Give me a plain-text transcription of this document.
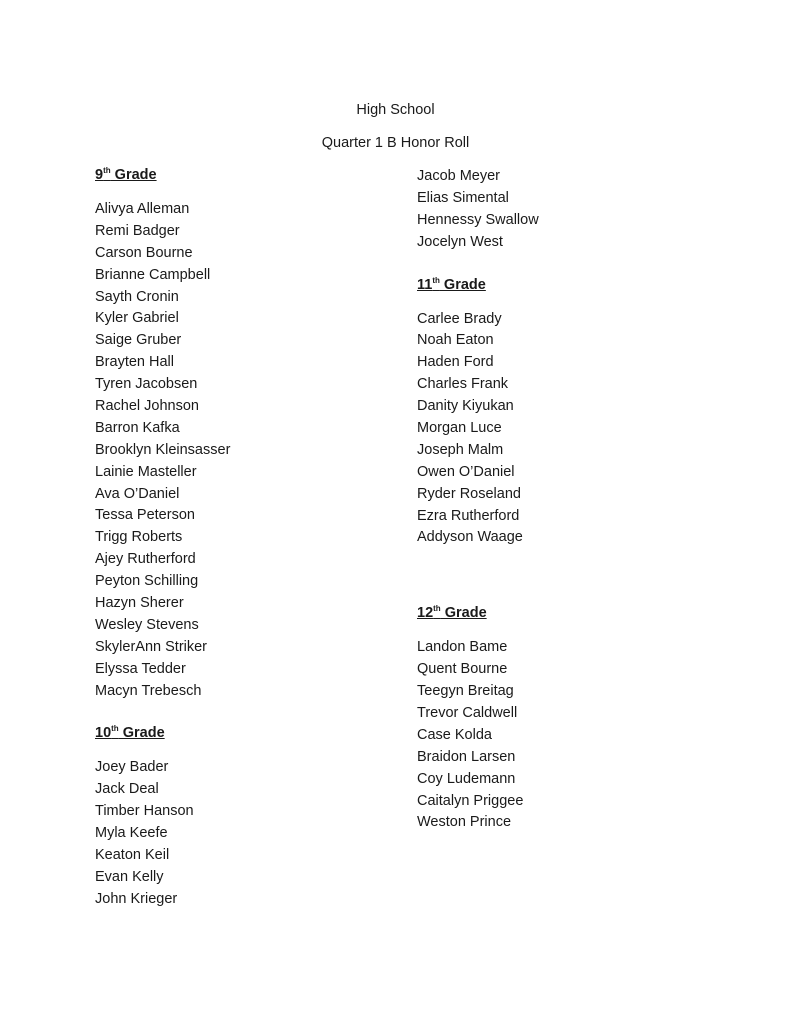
High School
Quarter 1 B Honor Roll
9th Grade
Alivya Alleman
Remi Badger
Carson Bourne
Brianne Campbell
Sayth Cronin
Kyler Gabriel
Saige Gruber
Brayten Hall
Tyren Jacobsen
Rachel Johnson
Barron Kafka
Brooklyn Kleinsasser
Lainie Masteller
Ava O’Daniel
Tessa Peterson
Trigg Roberts
Ajey Rutherford
Peyton Schilling
Hazyn Sherer
Wesley Stevens
SkylerAnn Striker
Elyssa Tedder
Macyn Trebesch
10th Grade
Joey Bader
Jack Deal
Timber Hanson
Myla Keefe
Keaton Keil
Evan Kelly
John Krieger
Jacob Meyer
Elias Simental
Hennessy Swallow
Jocelyn West
11th Grade
Carlee Brady
Noah Eaton
Haden Ford
Charles Frank
Danity Kiyukan
Morgan Luce
Joseph Malm
Owen O’Daniel
Ryder Roseland
Ezra Rutherford
Addyson Waage
12th Grade
Landon Bame
Quent Bourne
Teegyn Breitag
Trevor Caldwell
Case Kolda
Braidon Larsen
Coy Ludemann
Caitalyn Priggee
Weston Prince
